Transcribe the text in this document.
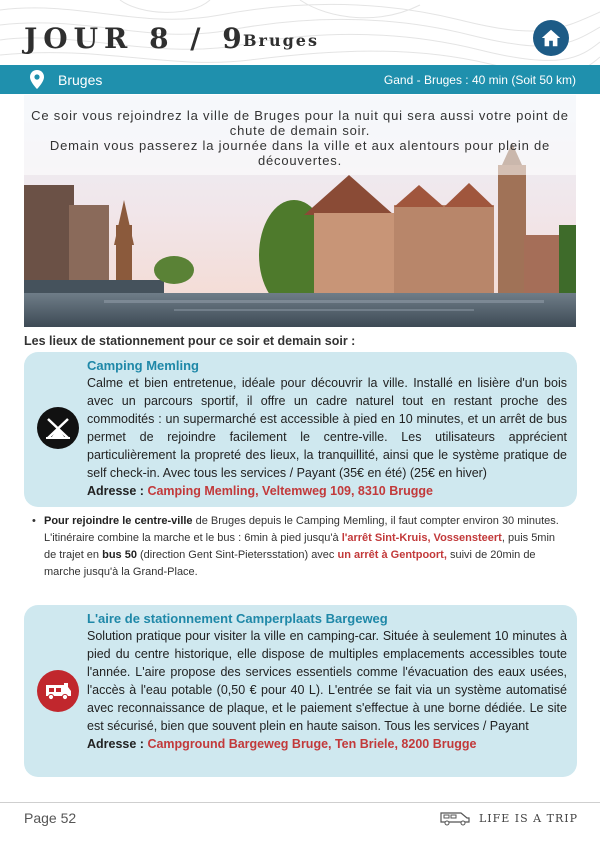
JOUR 8 / 9
Bruges
Bruges	Gand - Bruges : 40 min (Soit 50 km)
Ce soir vous rejoindrez la ville de Bruges pour la nuit qui sera aussi votre point de chute de demain soir.
Demain vous passerez la journée dans la ville et aux alentours pour plein de découvertes.
Les lieux de stationnement pour ce soir et demain soir :
Camping Memling
Calme et bien entretenue, idéale pour découvrir la ville. Installé en lisière d'un bois avec un parcours sportif, il offre un cadre naturel tout en restant proche des commodités : un supermarché est accessible à pied en 10 minutes, et un arrêt de bus permet de rejoindre facilement le centre-ville. Les utilisateurs apprécient particulièrement la propreté des lieux, la tranquillité, ainsi que le système pratique de self check-in. Avec tous les services / Payant (35€ en été) (25€ en hiver)
Adresse : Camping Memling, Veltemweg 109, 8310 Brugge
• Pour rejoindre le centre-ville de Bruges depuis le Camping Memling, il faut compter environ 30 minutes. L'itinéraire combine la marche et le bus : 6min à pied jusqu'à l'arrêt Sint-Kruis, Vossensteert, puis 5min de trajet en bus 50 (direction Gent Sint-Pietersstation) avec un arrêt à Gentpoort, suivi de 20min de marche jusqu'à la Grand-Place.
L'aire de stationnement Camperplaats Bargeweg
Solution pratique pour visiter la ville en camping-car. Située à seulement 10 minutes à pied du centre historique, elle dispose de multiples emplacements accessibles toute l'année. L'aire propose des services essentiels comme l'évacuation des eaux usées, l'accès à l'eau potable (0,50 € pour 40 L). L'entrée se fait via un système automatisé avec reconnaissance de plaque, et le paiement s'effectue à une borne dédiée. Le site est sécurisé, bien que souvent plein en haute saison. Tous les services / Payant
Adresse : Campground Bargeweg Bruge, Ten Briele, 8200 Brugge
Page 52	LIFE IS A TRIP
